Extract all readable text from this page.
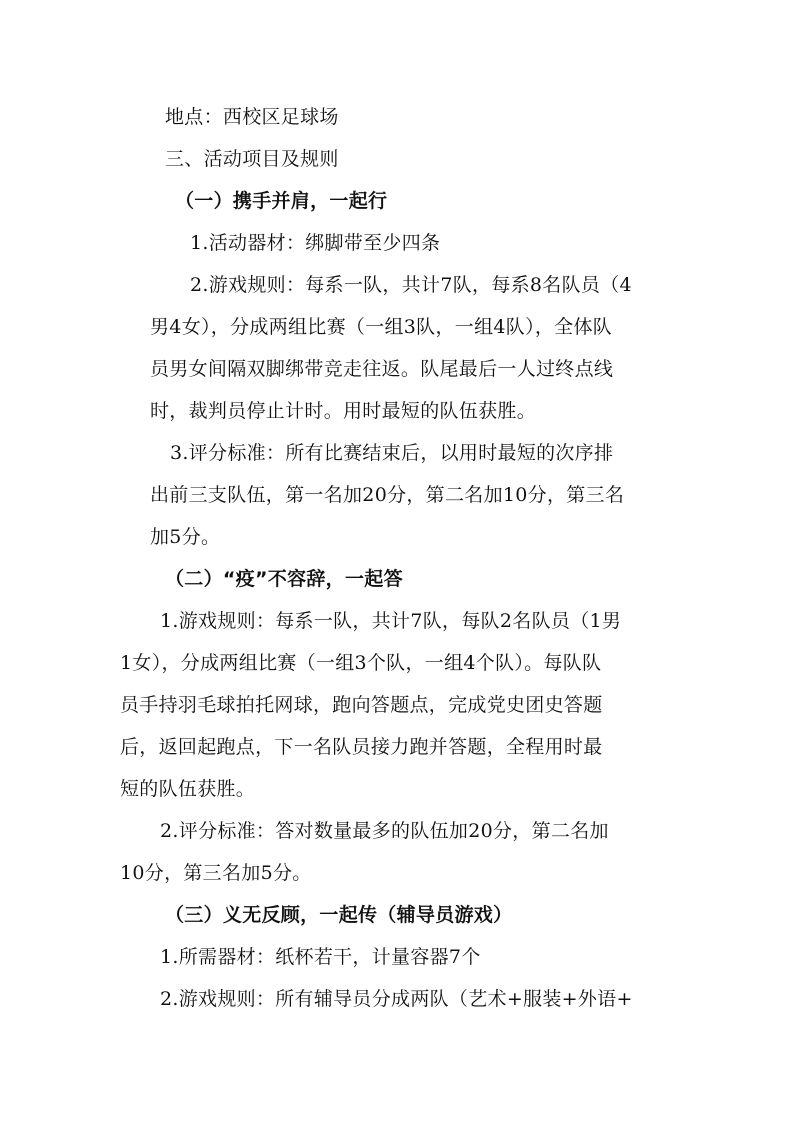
地点：西校区足球场
三、活动项目及规则
（一）携手并肩，一起行
1.活动器材：绑脚带至少四条
2.游戏规则：每系一队，共计7队，每系8名队员（4
男4女），分成两组比赛（一组3队，一组4队），全体队
员男女间隔双脚绑带竞走往返。队尾最后一人过终点线
时，裁判员停止计时。用时最短的队伍获胜。
3.评分标准：所有比赛结束后，以用时最短的次序排
出前三支队伍，第一名加20分，第二名加10分，第三名
加5分。
（二）“疫”不容辞，一起答
1.游戏规则：每系一队，共计7队，每队2名队员（1男
1女），分成两组比赛（一组3个队，一组4个队）。每队队
员手持羽毛球拍托网球，跑向答题点，完成党史团史答题
后，返回起跑点，下一名队员接力跑并答题，全程用时最
短的队伍获胜。
2.评分标准：答对数量最多的队伍加20分，第二名加
10分，第三名加5分。
（三）义无反顾，一起传（辅导员游戏）
1.所需器材：纸杯若干，计量容器7个
2.游戏规则：所有辅导员分成两队（艺术+服装+外语+
